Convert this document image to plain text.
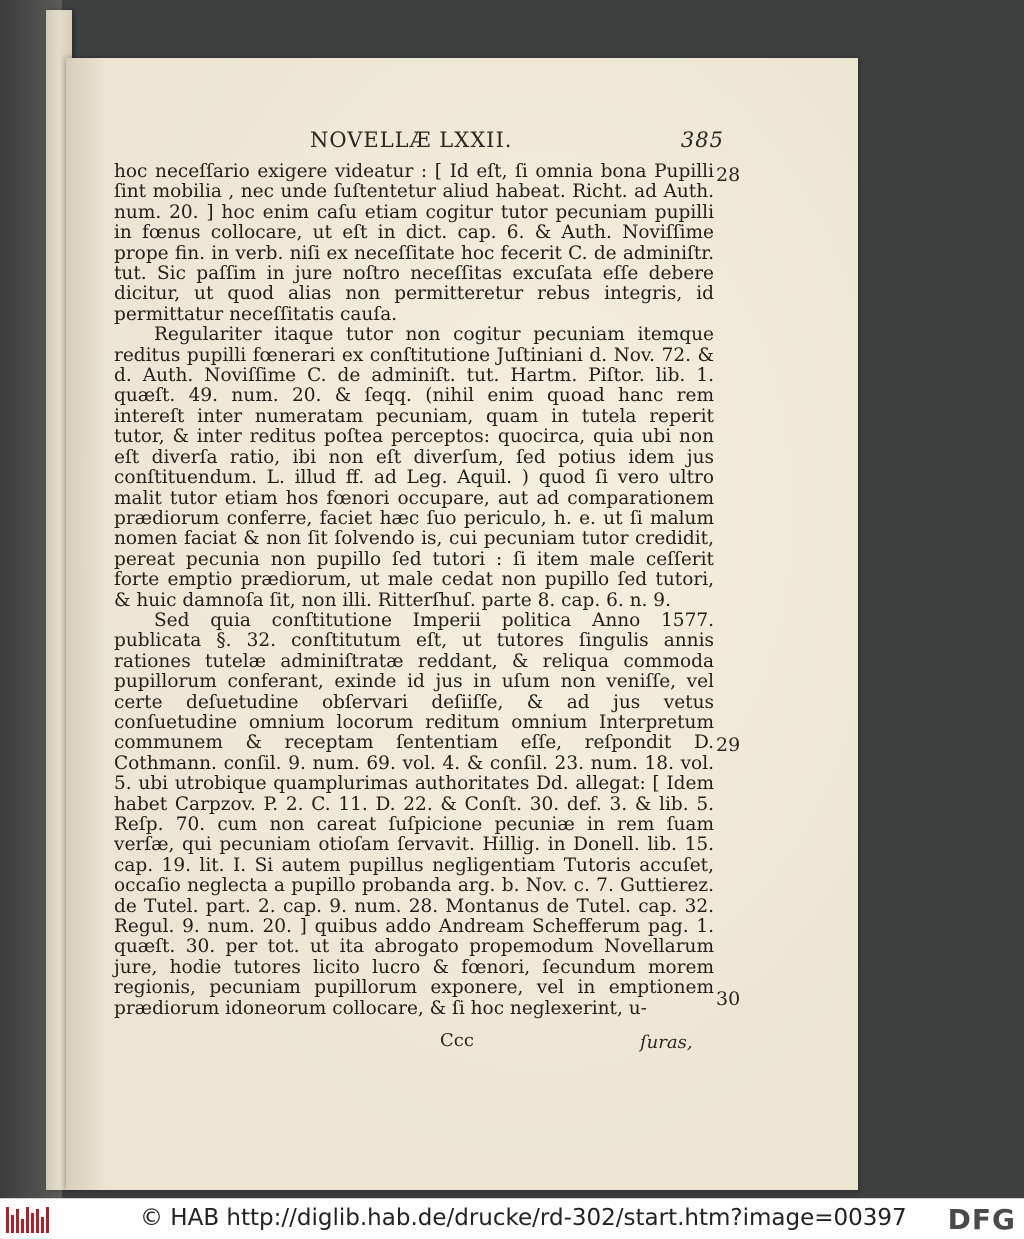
NOVELLÆ LXXII.	385

hoc neceſſario exigere videatur : [ Id eſt, ſi omnia bona Pupilli ſint mobilia , nec unde ſuſtentetur aliud habeat. Richt. ad Auth. num. 20. ] hoc enim caſu etiam cogitur tutor pecuniam pupilli in fœnus collocare, ut eſt in dict. cap. 6. & Auth. Noviſſime prope fin. in verb. niſi ex neceſſitate hoc fecerit C. de adminiſtr. tut. Sic paſſim in jure noſtro neceſſitas excuſata eſſe debere dicitur, ut quod alias non permitteretur rebus integris, id permittatur neceſſitatis cauſa.

Regulariter itaque tutor non cogitur pecuniam itemque reditus pupilli fœnerari ex conſtitutione Juſtiniani d. Nov. 72. & d. Auth. Noviſſime C. de adminiſt. tut. Hartm. Piſtor. lib. 1. quæſt. 49. num. 20. & ſeqq. (nihil enim quoad hanc rem intereſt inter numeratam pecuniam, quam in tutela reperit tutor, & inter reditus poſtea perceptos: quocirca, quia ubi non eſt diverſa ratio, ibi non eſt diverſum, ſed potius idem jus conſtituendum. L. illud ff. ad Leg. Aquil. ) quod ſi vero ultro malit tutor etiam hos fœnori occupare, aut ad comparationem prædiorum conferre, faciet hæc ſuo periculo, h. e. ut ſi malum nomen faciat & non ſit ſolvendo is, cui pecuniam tutor credidit, pereat pecunia non pupillo ſed tutori : ſi item male ceſſerit forte emptio prædiorum, ut male cedat non pupillo ſed tutori, & huic damnoſa ſit, non illi. Ritterſhuſ. parte 8. cap. 6. n. 9.

Sed quia conſtitutione Imperii politica Anno 1577. publicata §. 32. conſtitutum eſt, ut tutores ſingulis annis rationes tutelæ adminiſtratæ reddant, & reliqua commoda pupillorum conferant, exinde id jus in uſum non veniſſe, vel certe deſuetudine obſervari deſiiſſe, & ad jus vetus conſuetudine omnium locorum reditum omnium Interpretum communem & receptam ſententiam eſſe, reſpondit D. Cothmann. conſil. 9. num. 69. vol. 4. & conſil. 23. num. 18. vol. 5. ubi utrobique quamplurimas authoritates Dd. allegat: [ Idem habet Carpzov. P. 2. C. 11. D. 22. & Conſt. 30. def. 3. & lib. 5. Reſp. 70. cum non careat ſuſpicione pecuniæ in rem ſuam verſæ, qui pecuniam otioſam ſervavit. Hillig. in Donell. lib. 15. cap. 19. lit. I. Si autem pupillus negligentiam Tutoris accuſet, occaſio neglecta a pupillo probanda arg. b. Nov. c. 7. Guttierez. de Tutel. part. 2. cap. 9. num. 28. Montanus de Tutel. cap. 32. Regul. 9. num. 20. ] quibus addo Andream Schefferum pag. 1. quæſt. 30. per tot. ut ita abrogato propemodum Novellarum jure, hodie tutores licito lucro & fœnori, ſecundum morem regionis, pecuniam pupillorum exponere, vel in emptionem prædiorum idoneorum collocare, & ſi hoc neglexerint, u-

28
29
30
Ccc	ſuras,
© HAB http://diglib.hab.de/drucke/rd-302/start.htm?image=00397 DFG
